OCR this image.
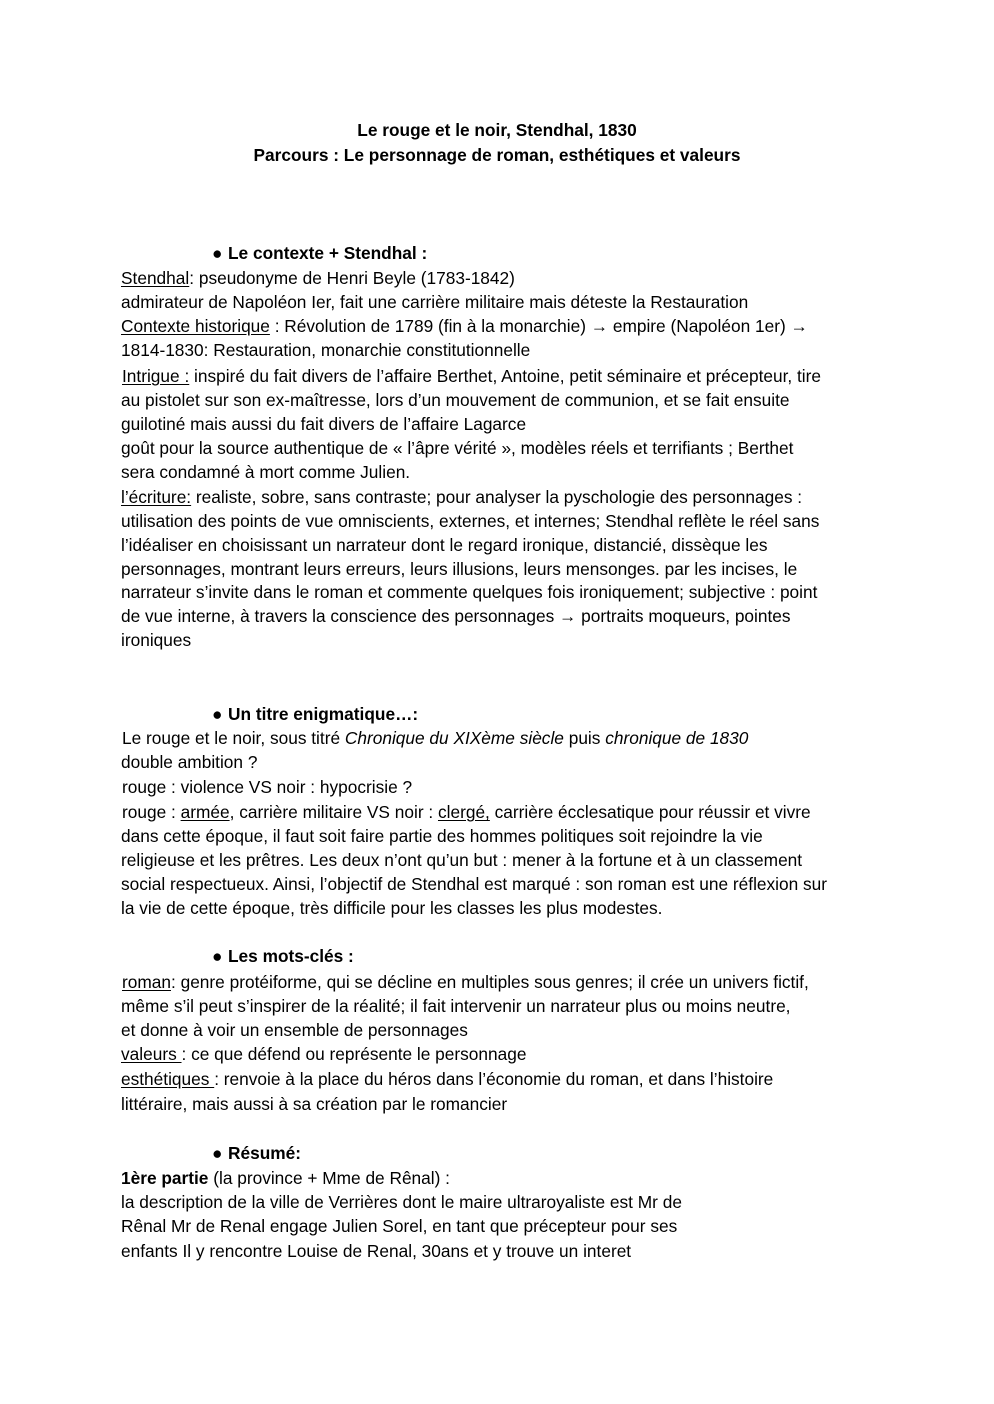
Le rouge et le noir, Stendhal, 1830
Parcours : Le personnage de roman, esthétiques et valeurs
● Le contexte + Stendhal :
Stendhal: pseudonyme de Henri Beyle (1783-1842)
admirateur de Napoléon Ier, fait une carrière militaire mais déteste la Restauration
Contexte historique : Révolution de 1789 (fin à la monarchie) → empire (Napoléon 1er) →
1814-1830: Restauration, monarchie constitutionnelle
Intrigue : inspiré du fait divers de l’affaire Berthet, Antoine, petit séminaire et précepteur, tire
au pistolet sur son ex-maîtresse, lors d’un mouvement de communion, et se fait ensuite
guilotiné mais aussi du fait divers de l’affaire Lagarce
goût pour la source authentique de « l’âpre vérité », modèles réels et terrifiants ; Berthet
sera condamné à mort comme Julien.
l’écriture: realiste, sobre, sans contraste; pour analyser la pyschologie des personnages :
utilisation des points de vue omniscients, externes, et internes; Stendhal reflète le réel sans
l’idéaliser en choisissant un narrateur dont le regard ironique, distancié, dissèque les
personnages, montrant leurs erreurs, leurs illusions, leurs mensonges. par les incises, le
narrateur s’invite dans le roman et commente quelques fois ironiquement; subjective : point
de vue interne, à travers la conscience des personnages → portraits moqueurs, pointes
ironiques
● Un titre enigmatique…:
Le rouge et le noir, sous titré Chronique du XIXème siècle puis chronique de 1830
double ambition ?
rouge : violence VS noir : hypocrisie ?
rouge : armée, carrière militaire VS noir : clergé, carrière écclesatique pour réussir et vivre
dans cette époque, il faut soit faire partie des hommes politiques soit rejoindre la vie
religieuse et les prêtres. Les deux n’ont qu’un but : mener à la fortune et à un classement
social respectueux. Ainsi, l’objectif de Stendhal est marqué : son roman est une réflexion sur
la vie de cette époque, très difficile pour les classes les plus modestes.
● Les mots-clés :
roman: genre protéiforme, qui se décline en multiples sous genres; il crée un univers fictif,
même s’il peut s’inspirer de la réalité; il fait intervenir un narrateur plus ou moins neutre,
et donne à voir un ensemble de personnages
valeurs : ce que défend ou représente le personnage
esthétiques : renvoie à la place du héros dans l’économie du roman, et dans l’histoire
littéraire, mais aussi à sa création par le romancier
● Résumé:
1ère partie (la province + Mme de Rênal) :
la description de la ville de Verrières dont le maire ultraroyaliste est Mr de
Rênal Mr de Renal engage Julien Sorel, en tant que précepteur pour ses
enfants Il y rencontre Louise de Renal, 30ans et y trouve un interet
